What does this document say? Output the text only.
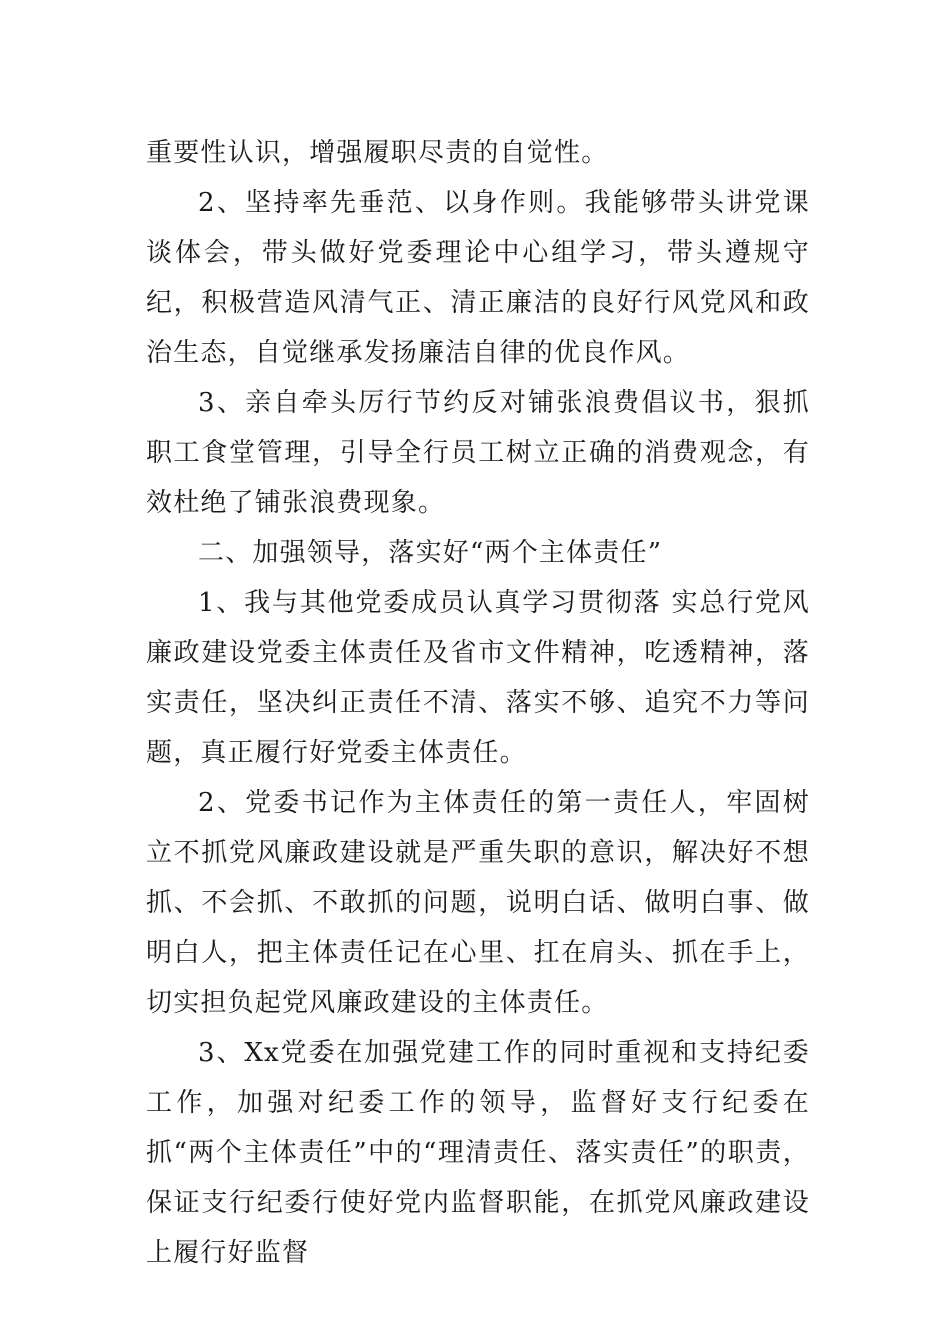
重要性认识，增强履职尽责的自觉性。

2、坚持率先垂范、以身作则。我能够带头讲党课谈体会，带头做好党委理论中心组学习，带头遵规守纪，积极营造风清气正、清正廉洁的良好行风党风和政治生态，自觉继承发扬廉洁自律的优良作风。

3、亲自牵头厉行节约反对铺张浪费倡议书，狠抓职工食堂管理，引导全行员工树立正确的消费观念，有效杜绝了铺张浪费现象。

二、加强领导，落实好“两个主体责任”

1、我与其他党委成员认真学习贯彻落 实总行党风廉政建设党委主体责任及省市文件精神，吃透精神，落实责任，坚决纠正责任不清、落实不够、追究不力等问题，真正履行好党委主体责任。

2、党委书记作为主体责任的第一责任人，牢固树立不抓党风廉政建设就是严重失职的意识，解决好不想抓、不会抓、不敢抓的问题，说明白话、做明白事、做明白人，把主体责任记在心里、扛在肩头、抓在手上，切实担负起党风廉政建设的主体责任。

3、Xx党委在加强党建工作的同时重视和支持纪委工作，加强对纪委工作的领导，监督好支行纪委在抓“两个主体责任”中的“理清责任、落实责任”的职责，保证支行纪委行使好党内监督职能，在抓党风廉政建设上履行好监督
